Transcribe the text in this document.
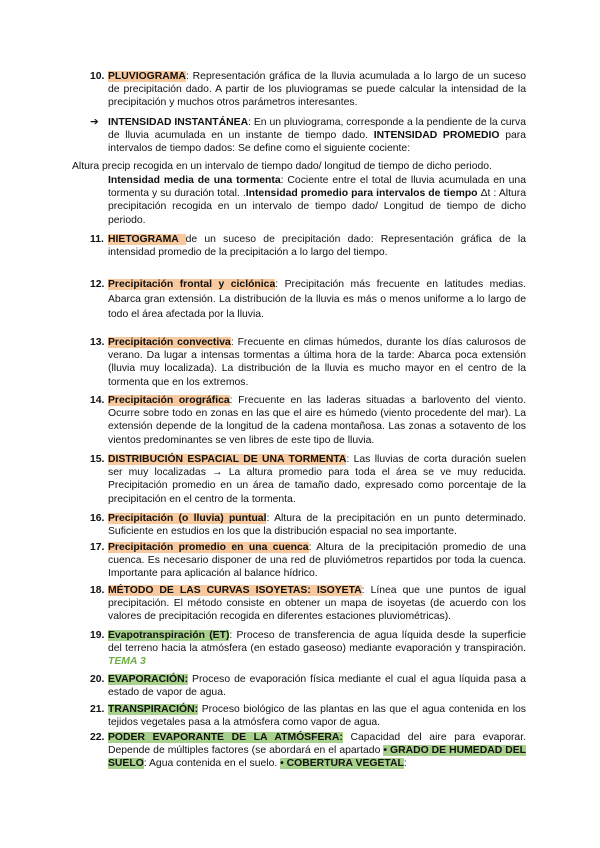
10. PLUVIOGRAMA: Representación gráfica de la lluvia acumulada a lo largo de un suceso de precipitación dado. A partir de los pluviogramas se puede calcular la intensidad de la precipitación y muchos otros parámetros interesantes.
➔ INTENSIDAD INSTANTÁNEA: En un pluviograma, corresponde a la pendiente de la curva de lluvia acumulada en un instante de tiempo dado. INTENSIDAD PROMEDIO para intervalos de tiempo dados: Se define como el siguiente cociente:
Altura precip recogida en un intervalo de tiempo dado/ longitud de tiempo de dicho periodo.
Intensidad media de una tormenta: Cociente entre el total de lluvia acumulada en una tormenta y su duración total. .Intensidad promedio para intervalos de tiempo Δt : Altura precipitación recogida en un intervalo de tiempo dado/ Longitud de tiempo de dicho periodo.
11. HIETOGRAMA de un suceso de precipitación dado: Representación gráfica de la intensidad promedio de la precipitación a lo largo del tiempo.
12. Precipitación frontal y ciclónica: Precipitación más frecuente en latitudes medias. Abarca gran extensión. La distribución de la lluvia es más o menos uniforme a lo largo de todo el área afectada por la lluvia.
13. Precipitación convectiva: Frecuente en climas húmedos, durante los días calurosos de verano. Da lugar a intensas tormentas a última hora de la tarde: Abarca poca extensión (lluvia muy localizada). La distribución de la lluvia es mucho mayor en el centro de la tormenta que en los extremos.
14. Precipitación orográfica: Frecuente en las laderas situadas a barlovento del viento. Ocurre sobre todo en zonas en las que el aire es húmedo (viento procedente del mar). La extensión depende de la longitud de la cadena montañosa. Las zonas a sotavento de los vientos predominantes se ven libres de este tipo de lluvia.
15. DISTRIBUCIÓN ESPACIAL DE UNA TORMENTA: Las lluvias de corta duración suelen ser muy localizadas → La altura promedio para toda el área se ve muy reducida. Precipitación promedio en un área de tamaño dado, expresado como porcentaje de la precipitación en el centro de la tormenta.
16. Precipitación (o lluvia) puntual: Altura de la precipitación en un punto determinado. Suficiente en estudios en los que la distribución espacial no sea importante.
17. Precipitación promedio en una cuenca: Altura de la precipitación promedio de una cuenca. Es necesario disponer de una red de pluviómetros repartidos por toda la cuenca. Importante para aplicación al balance hídrico.
18. MÉTODO DE LAS CURVAS ISOYETAS: ISOYETA: Línea que une puntos de igual precipitación. El método consiste en obtener un mapa de isoyetas (de acuerdo con los valores de precipitación recogida en diferentes estaciones pluviométricas).
19. Evapotranspiración (ET): Proceso de transferencia de agua líquida desde la superficie del terreno hacia la atmósfera (en estado gaseoso) mediante evaporación y transpiración. TEMA 3
20. EVAPORACIÓN: Proceso de evaporación física mediante el cual el agua líquida pasa a estado de vapor de agua.
21. TRANSPIRACIÓN: Proceso biológico de las plantas en las que el agua contenida en los tejidos vegetales pasa a la atmósfera como vapor de agua.
22. PODER EVAPORANTE DE LA ATMÓSFERA: Capacidad del aire para evaporar. Depende de múltiples factores (se abordará en el apartado • GRADO DE HUMEDAD DEL SUELO: Agua contenida en el suelo. • COBERTURA VEGETAL:
